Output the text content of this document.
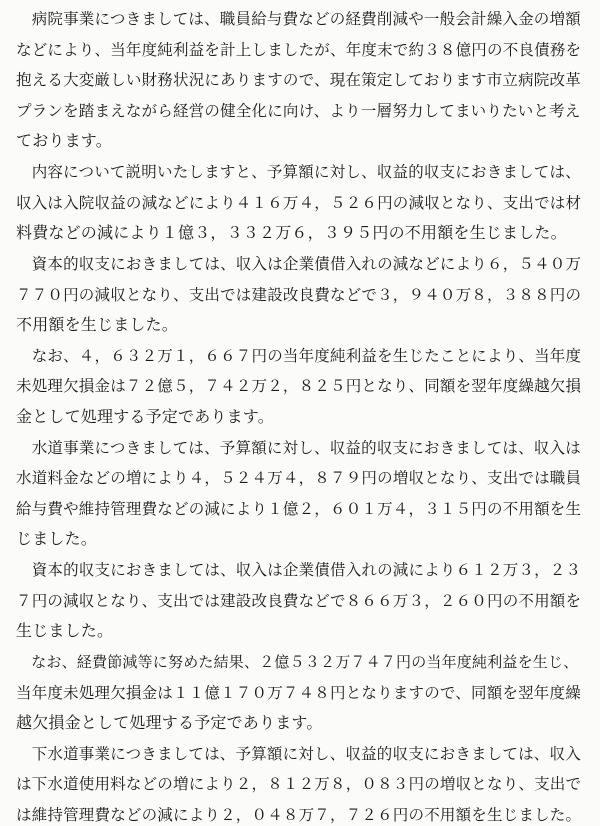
　病院事業につきましては、職員給与費などの経費削減や一般会計繰入金の増額
などにより、当年度純利益を計上しましたが、年度末で約３８億円の不良債務を
抱える大変厳しい財務状況にありますので、現在策定しております市立病院改革
プランを踏まえながら経営の健全化に向け、より一層努力してまいりたいと考え
ております。
　内容について説明いたしますと、予算額に対し、収益的収支におきましては、
収入は入院収益の減などにより４１６万４，５２６円の減収となり、支出では材
料費などの減により１億３，３３２万６，３９５円の不用額を生じました。
　資本的収支におきましては、収入は企業債借入れの減などにより６，５４０万
７７０円の減収となり、支出では建設改良費などで３，９４０万８，３８８円の
不用額を生じました。
　なお、４，６３２万１，６６７円の当年度純利益を生じたことにより、当年度
未処理欠損金は７２億５，７４２万２，８２５円となり、同額を翌年度繰越欠損
金として処理する予定であります。
　水道事業につきましては、予算額に対し、収益的収支におきましては、収入は
水道料金などの増により４，５２４万４，８７９円の増収となり、支出では職員
給与費や維持管理費などの減により１億２，６０１万４，３１５円の不用額を生
じました。
　資本的収支におきましては、収入は企業債借入れの減により６１２万３，２３
７円の減収となり、支出では建設改良費などで８６６万３，２６０円の不用額を
生じました。
　なお、経費節減等に努めた結果、２億５３２万７４７円の当年度純利益を生じ、
当年度未処理欠損金は１１億１７０万７４８円となりますので、同額を翌年度繰
越欠損金として処理する予定であります。
　下水道事業につきましては、予算額に対し、収益的収支におきましては、収入
は下水道使用料などの増により２，８１２万８，０８３円の増収となり、支出で
は維持管理費などの減により２，０４８万７，７２６円の不用額を生じました。
